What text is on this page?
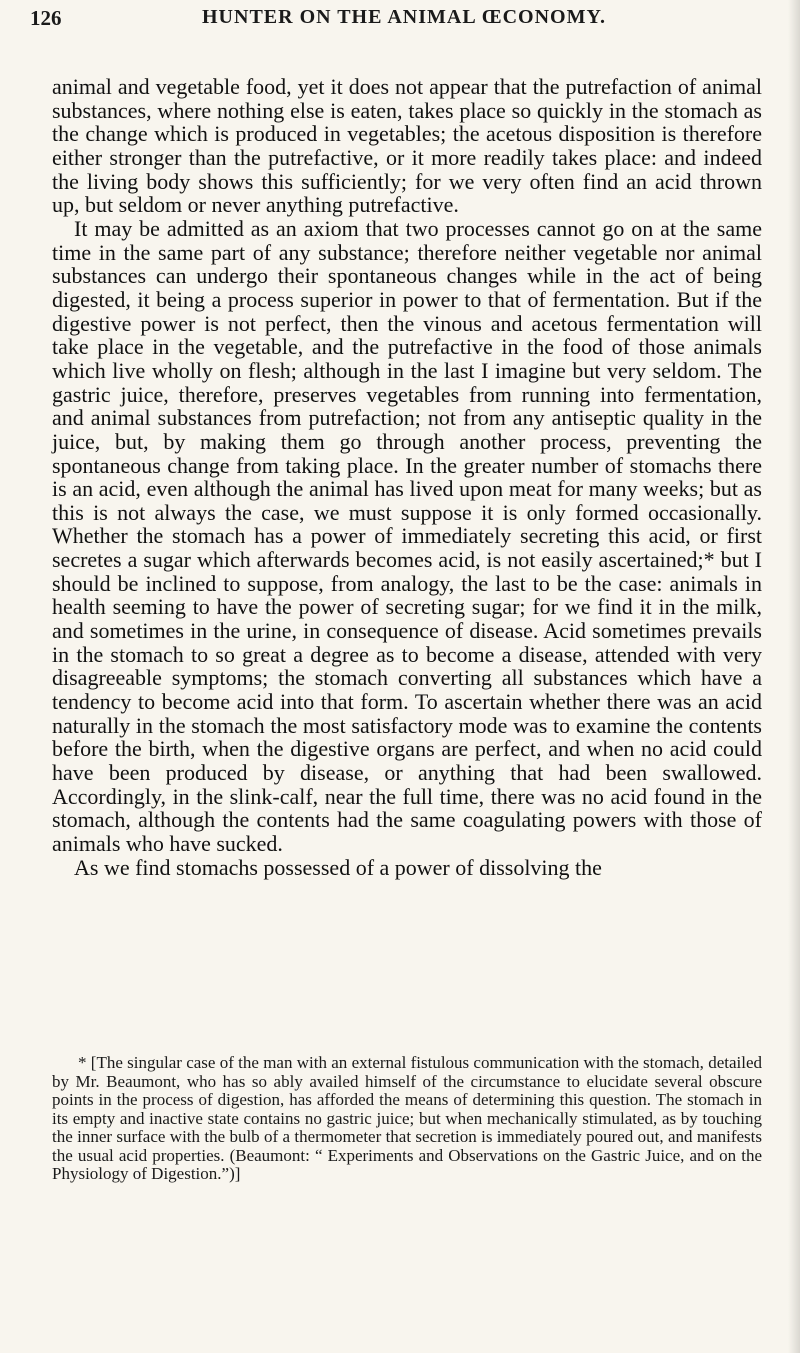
126	HUNTER ON THE ANIMAL ŒCONOMY.

animal and vegetable food, yet it does not appear that the putrefaction of animal substances, where nothing else is eaten, takes place so quickly in the stomach as the change which is produced in vegetables; the acetous disposition is therefore either stronger than the putrefactive, or it more readily takes place: and indeed the living body shows this sufficiently; for we very often find an acid thrown up, but seldom or never anything putrefactive.

It may be admitted as an axiom that two processes cannot go on at the same time in the same part of any substance; therefore neither vegetable nor animal substances can undergo their spontaneous changes while in the act of being digested, it being a process superior in power to that of fermentation. But if the digestive power is not perfect, then the vinous and acetous fermentation will take place in the vegetable, and the putrefactive in the food of those animals which live wholly on flesh; although in the last I imagine but very seldom. The gastric juice, therefore, preserves vegetables from running into fermentation, and animal substances from putrefaction; not from any antiseptic quality in the juice, but, by making them go through another process, preventing the spontaneous change from taking place. In the greater number of stomachs there is an acid, even although the animal has lived upon meat for many weeks; but as this is not always the case, we must suppose it is only formed occasionally. Whether the stomach has a power of immediately secreting this acid, or first secretes a sugar which afterwards becomes acid, is not easily ascertained;* but I should be inclined to suppose, from analogy, the last to be the case: animals in health seeming to have the power of secreting sugar; for we find it in the milk, and sometimes in the urine, in consequence of disease. Acid sometimes prevails in the stomach to so great a degree as to become a disease, attended with very disagreeable symptoms; the stomach converting all substances which have a tendency to become acid into that form. To ascertain whether there was an acid naturally in the stomach the most satisfactory mode was to examine the contents before the birth, when the digestive organs are perfect, and when no acid could have been produced by disease, or anything that had been swallowed. Accordingly, in the slink-calf, near the full time, there was no acid found in the stomach, although the contents had the same coagulating powers with those of animals who have sucked.

As we find stomachs possessed of a power of dissolving the

* [The singular case of the man with an external fistulous communication with the stomach, detailed by Mr. Beaumont, who has so ably availed himself of the circumstance to elucidate several obscure points in the process of digestion, has afforded the means of determining this question. The stomach in its empty and inactive state contains no gastric juice; but when mechanically stimulated, as by touching the inner surface with the bulb of a thermometer that secretion is immediately poured out, and manifests the usual acid properties. (Beaumont: “ Experiments and Observations on the Gastric Juice, and on the Physiology of Digestion.”)]
